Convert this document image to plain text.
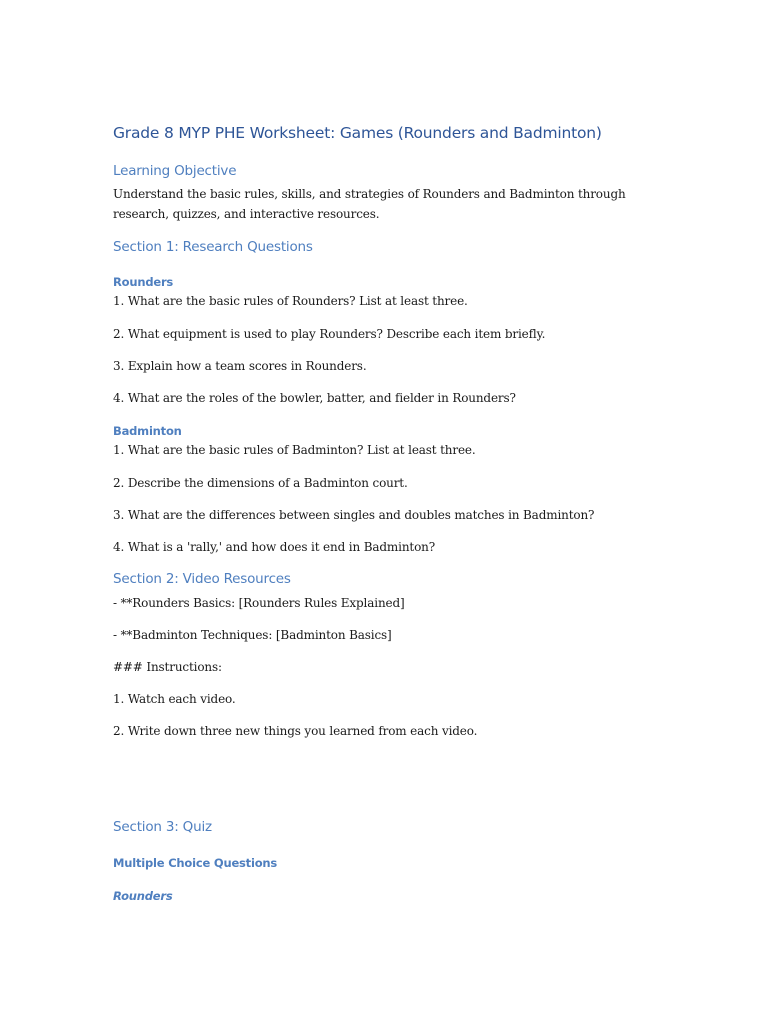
Grade 8 MYP PHE Worksheet: Games (Rounders and Badminton)
Learning Objective

Understand the basic rules, skills, and strategies of Rounders and Badminton through

research, quizzes, and interactive resources.

Section 1: Research Questions
Rounders

1. What are the basic rules of Rounders? List at least three.

2. What equipment is used to play Rounders? Describe each item briefly.

3. Explain how a team scores in Rounders.

4. What are the roles of the bowler, batter, and fielder in Rounders?

Badminton

1. What are the basic rules of Badminton? List at least three.

2. Describe the dimensions of a Badminton court.

3. What are the differences between singles and doubles matches in Badminton?

4. What is a 'rally,' and how does it end in Badminton?

Section 2: Video Resources

- **Rounders Basics: [Rounders Rules Explained]

- **Badminton Techniques: [Badminton Basics]

### Instructions:

1. Watch each video.

2. Write down three new things you learned from each video.

Section 3: Quiz
Multiple Choice Questions
Rounders
